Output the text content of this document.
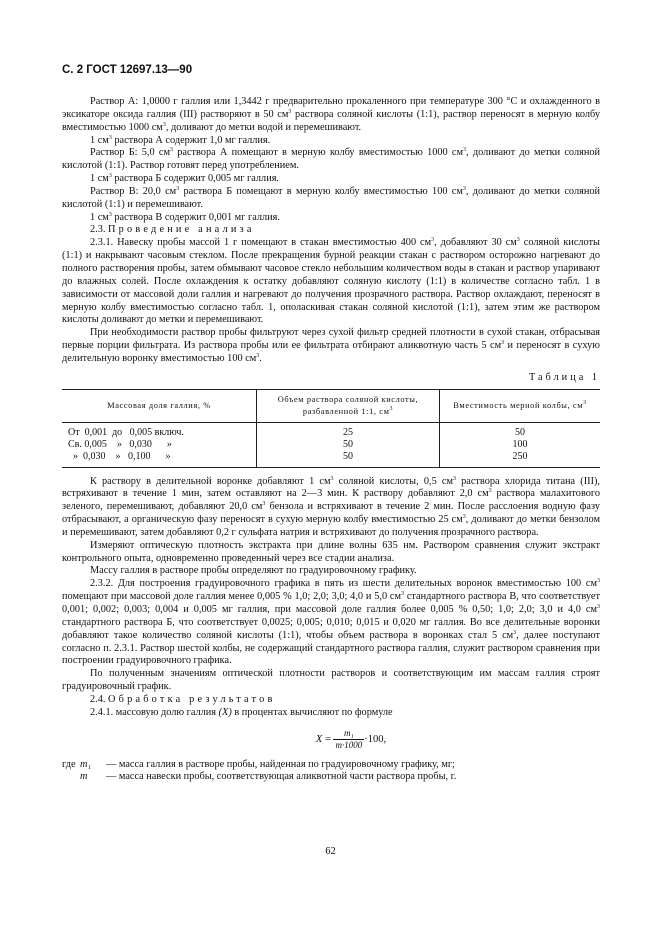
С. 2 ГОСТ 12697.13—90

Раствор А: 1,0000 г галлия или 1,3442 г предварительно прокаленного при температуре 300 °С и охлажденного в эксикаторе оксида галлия (III) растворяют в 50 $см^3$ раствора соляной кислоты (1:1), раствор переносят в мерную колбу вместимостью 1000 $см^3$, доливают до метки водой и перемешивают.

1 $см^3$ раствора А содержит 1,0 мг галлия.

Раствор Б: 5,0 $см^3$ раствора А помещают в мерную колбу вместимостью 1000 $см^3$, доливают до метки соляной кислотой (1:1). Раствор готовят перед употреблением.

1 $см^3$ раствора Б содержит 0,005 мг галлия.

Раствор В: 20,0 $см^3$ раствора Б помещают в мерную колбу вместимостью 100 $см^3$, доливают до метки соляной кислотой (1:1) и перемешивают.

1 $см^3$ раствора В содержит 0,001 мг галлия.

2.3. Проведение анализа

2.3.1. Навеску пробы массой 1 г помещают в стакан вместимостью 400 $см^3$, добавляют 30 $см^3$ соляной кислоты (1:1) и накрывают часовым стеклом. После прекращения бурной реакции стакан с раствором осторожно нагревают до полного растворения пробы, затем обмывают часовое стекло небольшим количеством воды в стакан и раствор упаривают до влажных солей. После охлаждения к остатку добавляют соляную кислоту (1:1) в количестве согласно табл. 1 в зависимости от массовой доли галлия и нагревают до получения прозрачного раствора. Раствор охлаждают, переносят в мерную колбу вместимостью согласно табл. 1, ополаскивая стакан соляной кислотой (1:1), затем этим же раствором кислоты доливают до метки и перемешивают.

При необходимости раствор пробы фильтруют через сухой фильтр средней плотности в сухой стакан, отбрасывая первые порции фильтрата. Из раствора пробы или ее фильтрата отбирают аликвотную часть 5 $см^3$ и переносят в сухую делительную воронку вместимостью 100 $см^3$.

Таблица 1
Массовая доля галлия, %	Объем раствора соляной кислоты, разбавленной 1:1, $см^3$	Вместимость мерной колбы, $см^3$
От  0,001  до   0,005 включ.	25	50
Св. 0,005    »   0,030      »	50	100
»  0,030    »   0,100      »	50	250

К раствору в делительной воронке добавляют 1 $см^3$ соляной кислоты, 0,5 $см^3$ раствора хлорида титана (III), встряхивают в течение 1 мин, затем оставляют на 2—3 мин. К раствору добавляют 2,0 $см^3$ раствора малахитового зеленого, перемешивают, добавляют 20,0 $см^3$ бензола и встряхивают в течение 2 мин. После расслоения водную фазу отбрасывают, а органическую фазу переносят в сухую мерную колбу вместимостью 25 $см^3$, доливают до метки бензолом и перемешивают, затем добавляют 0,2 г сульфата натрия и встряхивают до получения прозрачного раствора.

Измеряют оптическую плотность экстракта при длине волны 635 нм. Раствором сравнения служит экстракт контрольного опыта, одновременно проведенный через все стадии анализа.

Массу галлия в растворе пробы определяют по градуировочному графику.

2.3.2. Для построения градуировочного графика в пять из шести делительных воронок вместимостью 100 $см^3$ помещают при массовой доле галлия менее 0,005 % 1,0; 2,0; 3,0; 4,0 и 5,0 $см^3$ стандартного раствора В, что соответствует 0,001; 0,002; 0,003; 0,004 и 0,005 мг галлия, при массовой доле галлия более 0,005 % 0,50; 1,0; 2,0; 3,0 и 4,0 $см^3$ стандартного раствора Б, что соответствует 0,0025; 0,005; 0,010; 0,015 и 0,020 мг галлия. Во все делительные воронки добавляют такое количество соляной кислоты (1:1), чтобы объем раствора в воронках стал 5 $см^3$, далее поступают согласно п. 2.3.1. Раствор шестой колбы, не содержащий стандартного раствора галлия, служит раствором сравнения при построении градуировочного графика.

По полученным значениям оптической плотности растворов и соответствующим им массам галлия строят градуировочный график.

2.4. Обработка результатов

2.4.1. массовую долю галлия (X) в процентах вычисляют по формуле

$X = \frac{\text{m₁}}{m\cdot 1000} \cdot 100$,
где m₁	— масса галлия в растворе пробы, найденная по градуировочному графику, мг;
m	— масса навески пробы, соответствующая аликвотной части раствора пробы, г.
62
